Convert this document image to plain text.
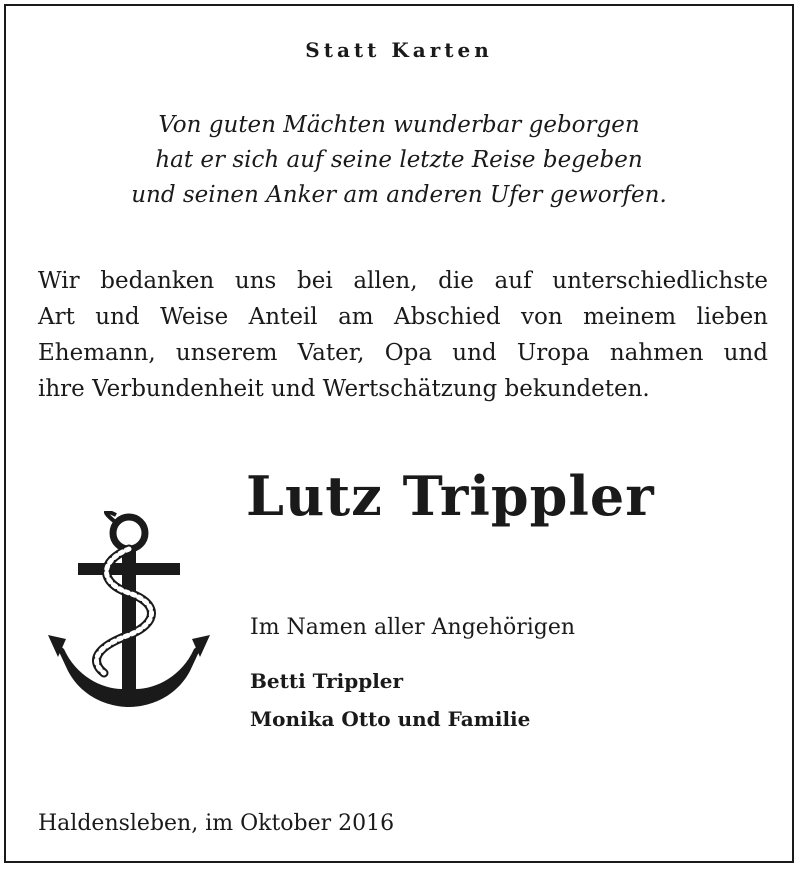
Statt Karten
Von guten Mächten wunderbar geborgen
hat er sich auf seine letzte Reise begeben
und seinen Anker am anderen Ufer geworfen.
Wir bedanken uns bei allen, die auf unterschiedlichste
Art und Weise Anteil am Abschied von meinem lieben
Ehemann, unserem Vater, Opa und Uropa nahmen und
ihre Verbundenheit und Wertschätzung bekundeten.
Lutz Trippler
Im Namen aller Angehörigen
Betti Trippler
Monika Otto und Familie
Haldensleben, im Oktober 2016
